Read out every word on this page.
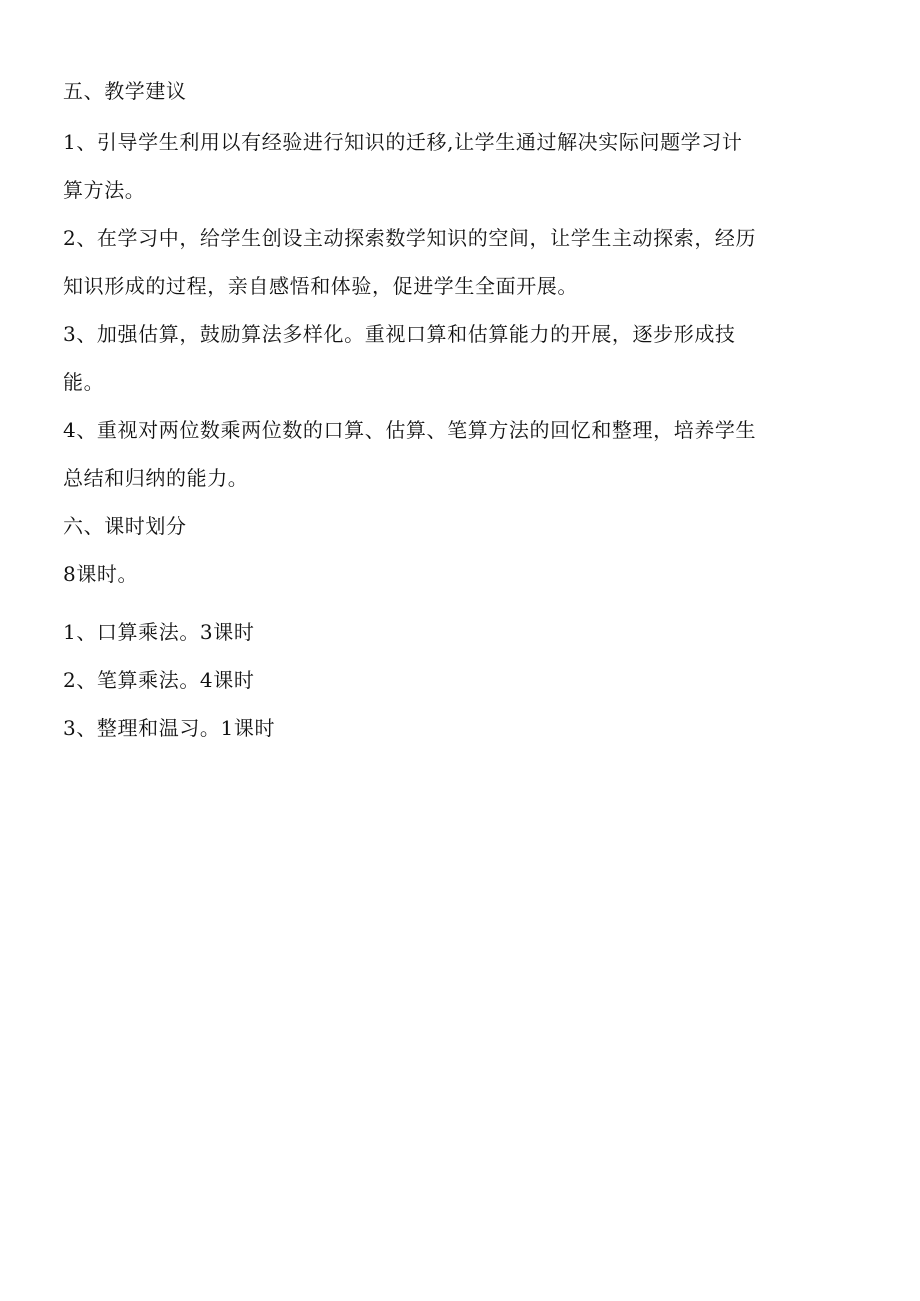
五、教学建议
1、引导学生利用以有经验进行知识的迁移,让学生通过解决实际问题学习计
算方法。
2、在学习中，给学生创设主动探索数学知识的空间，让学生主动探索，经历
知识形成的过程，亲自感悟和体验，促进学生全面开展。
3、加强估算，鼓励算法多样化。重视口算和估算能力的开展，逐步形成技
能。
4、重视对两位数乘两位数的口算、估算、笔算方法的回忆和整理，培养学生
总结和归纳的能力。
六、课时划分
8课时。
1、口算乘法。3课时
2、笔算乘法。4课时
3、整理和温习。1课时
